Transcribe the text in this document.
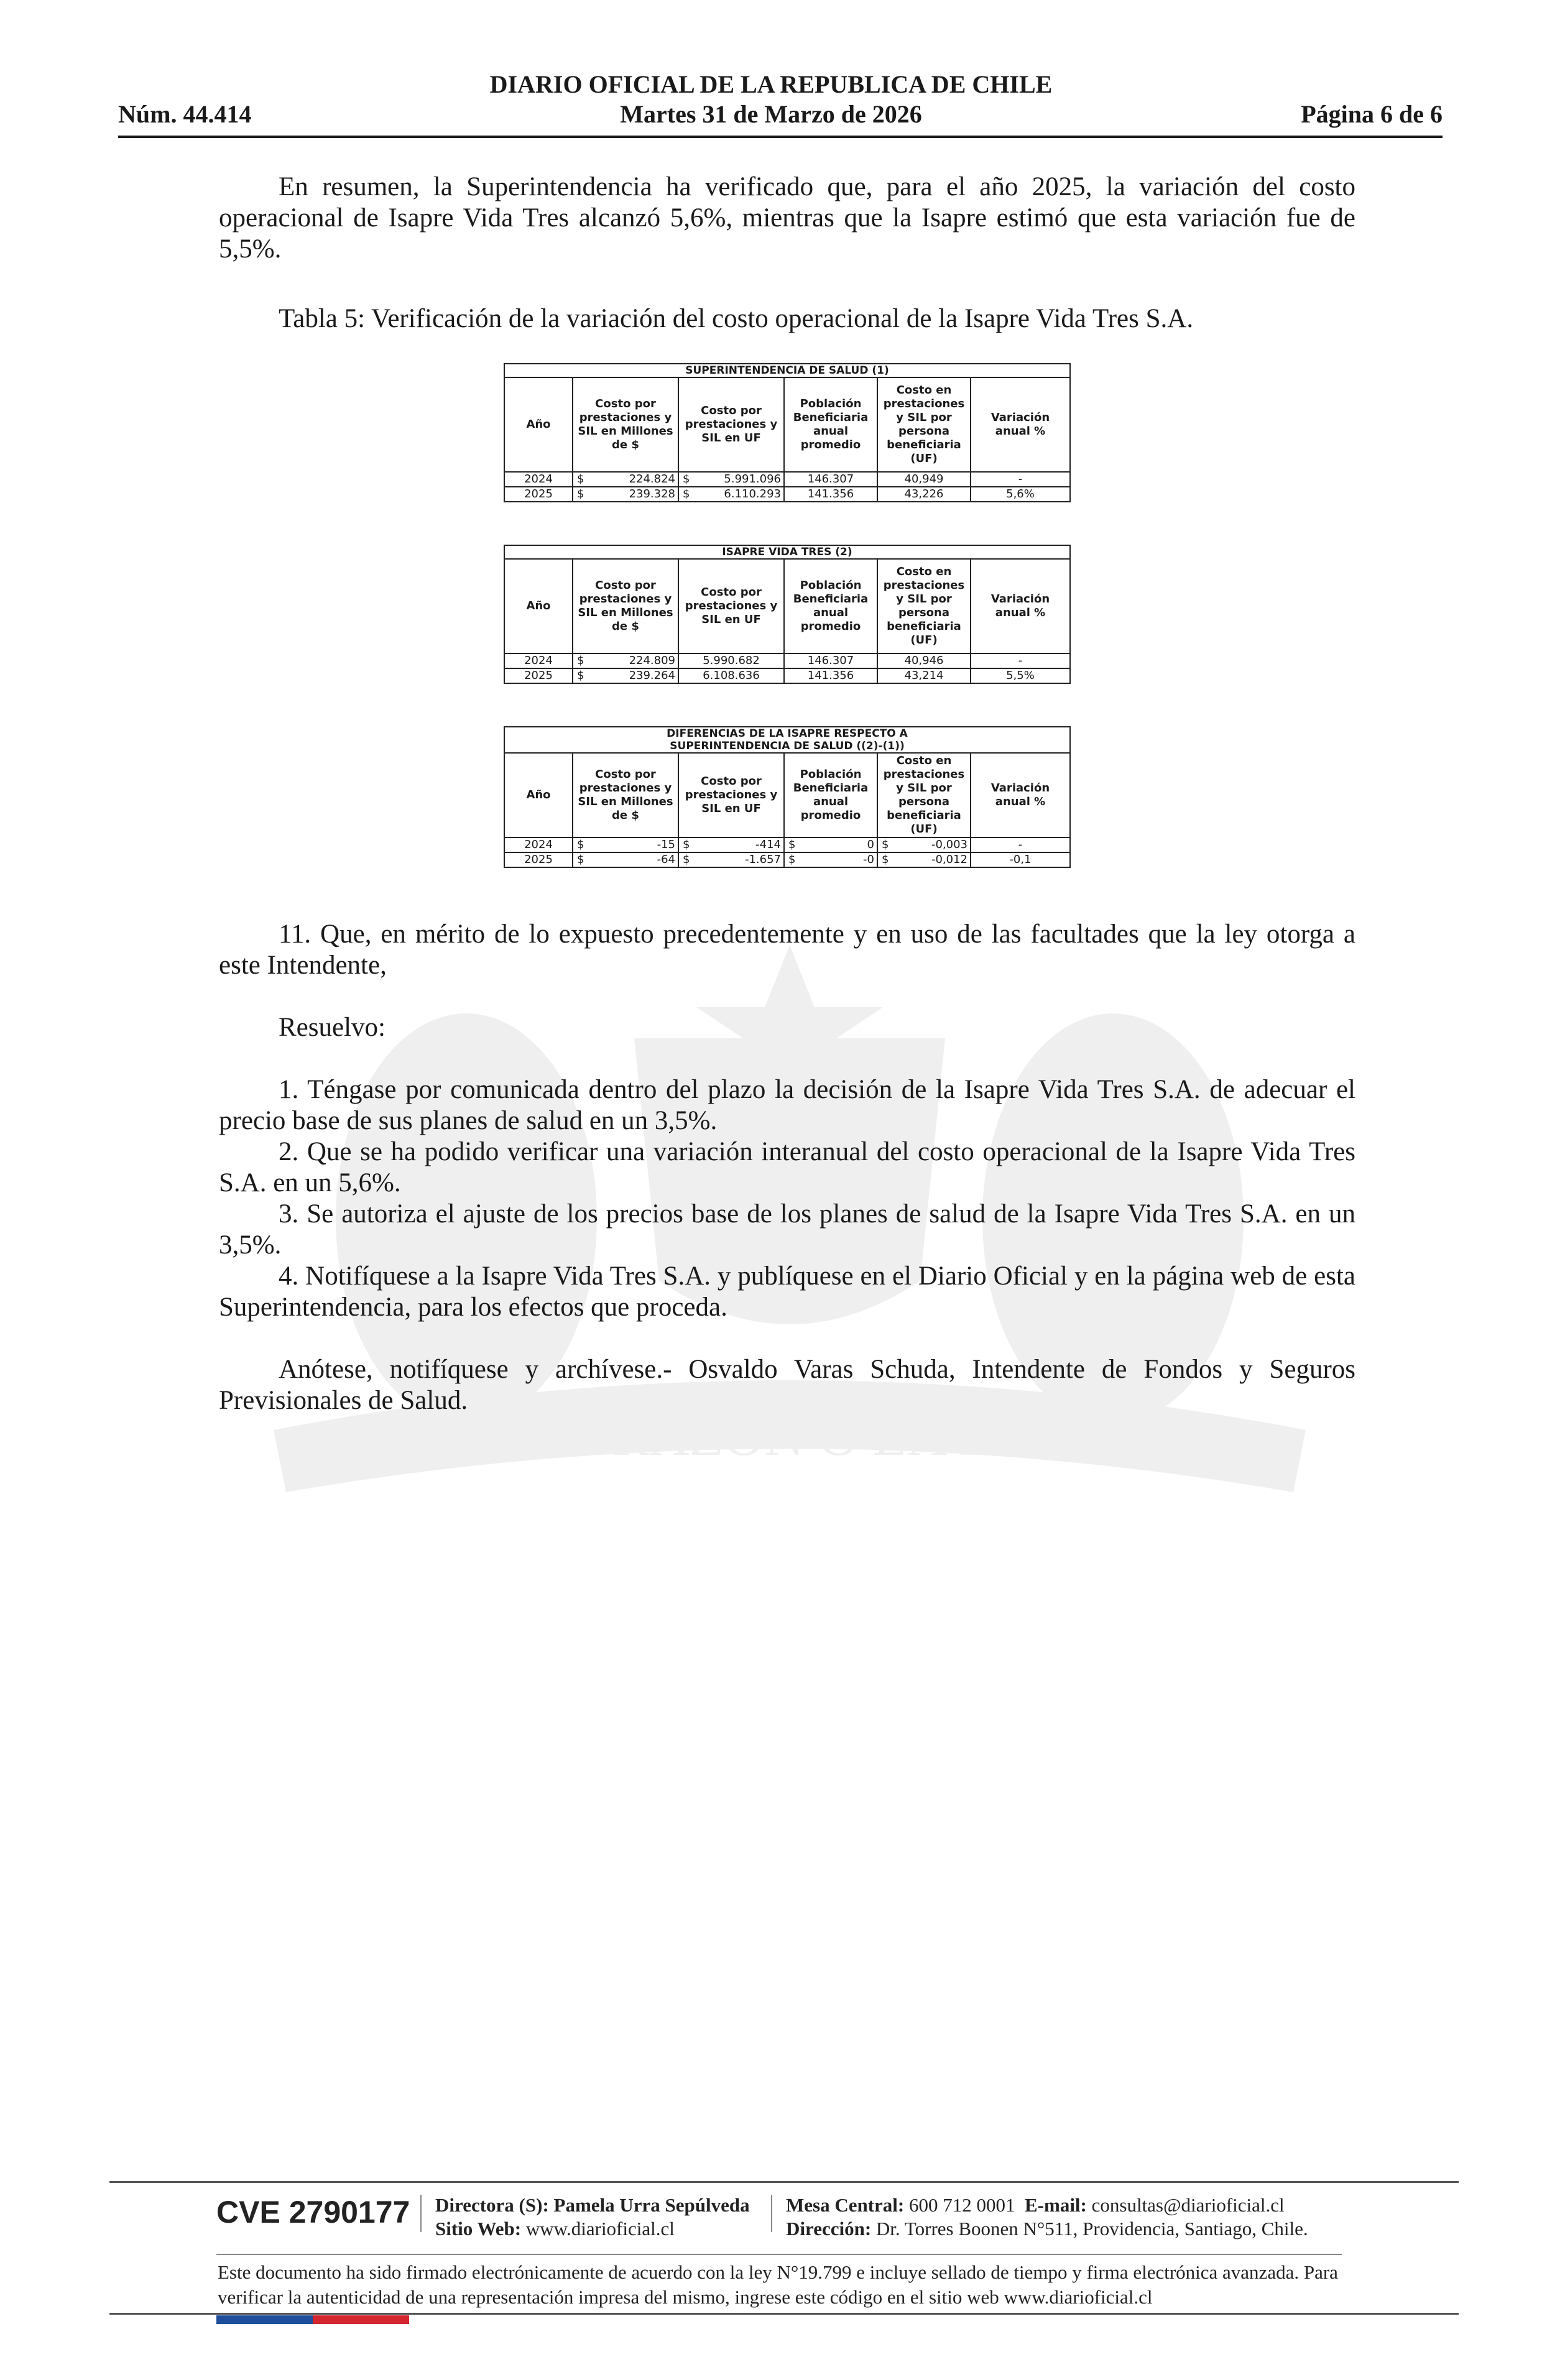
POR LA RAZON O LA FUERZA
DIARIO OFICIAL DE LA REPUBLICA DE CHILE
Martes 31 de Marzo de 2026
Núm. 44.414	Página 6 de 6
En resumen, la Superintendencia ha verificado que, para el año 2025, la variación del costo operacional de Isapre Vida Tres alcanzó 5,6%, mientras que la Isapre estimó que esta variación fue de 5,5%.
Tabla 5: Verificación de la variación del costo operacional de la Isapre Vida Tres S.A.
SUPERINTENDENCIA DE SALUD (1)					
Año	Costo por prestaciones y SIL en Millones de $	Costo por prestaciones y SIL en UF	Población Beneficiaria anual promedio	Costo en prestaciones y SIL por persona beneficiaria (UF)	Variación anual %
2024	$ 224.824	$ 5.991.096	146.307	40,949	-
2025	$ 239.328	$ 6.110.293	141.356	43,226	5,6%
ISAPRE VIDA TRES (2)					
Año	Costo por prestaciones y SIL en Millones de $	Costo por prestaciones y SIL en UF	Población Beneficiaria anual promedio	Costo en prestaciones y SIL por persona beneficiaria (UF)	Variación anual %
2024	$ 224.809	5.990.682	146.307	40,946	-
2025	$ 239.264	6.108.636	141.356	43,214	5,5%
DIFERENCIAS DE LA ISAPRE RESPECTO A SUPERINTENDENCIA DE SALUD ((2)-(1))					
Año	Costo por prestaciones y SIL en Millones de $	Costo por prestaciones y SIL en UF	Población Beneficiaria anual promedio	Costo en prestaciones y SIL por persona beneficiaria (UF)	Variación anual %
2024	$ -15	$ -414	$ 0	$ -0,003	-
2025	$ -64	$ -1.657	$ -0	$ -0,012	-0,1
11. Que, en mérito de lo expuesto precedentemente y en uso de las facultades que la ley otorga a este Intendente,
Resuelvo:
1. Téngase por comunicada dentro del plazo la decisión de la Isapre Vida Tres S.A. de adecuar el precio base de sus planes de salud en un 3,5%.
2. Que se ha podido verificar una variación interanual del costo operacional de la Isapre Vida Tres S.A. en un 5,6%.
3. Se autoriza el ajuste de los precios base de los planes de salud de la Isapre Vida Tres S.A. en un 3,5%.
4. Notifíquese a la Isapre Vida Tres S.A. y publíquese en el Diario Oficial y en la página web de esta Superintendencia, para los efectos que proceda.
Anótese, notifíquese y archívese.- Osvaldo Varas Schuda, Intendente de Fondos y Seguros Previsionales de Salud.
CVE 2790177 Directora (S): Pamela Urra Sepúlveda
Sitio Web: www.diarioficial.cl
Mesa Central: 600 712 0001 E-mail: consultas@diarioficial.cl
Dirección: Dr. Torres Boonen N°511, Providencia, Santiago, Chile.
Este documento ha sido firmado electrónicamente de acuerdo con la ley N°19.799 e incluye sellado de tiempo y firma electrónica avanzada. Para verificar la autenticidad de una representación impresa del mismo, ingrese este código en el sitio web www.diarioficial.cl
